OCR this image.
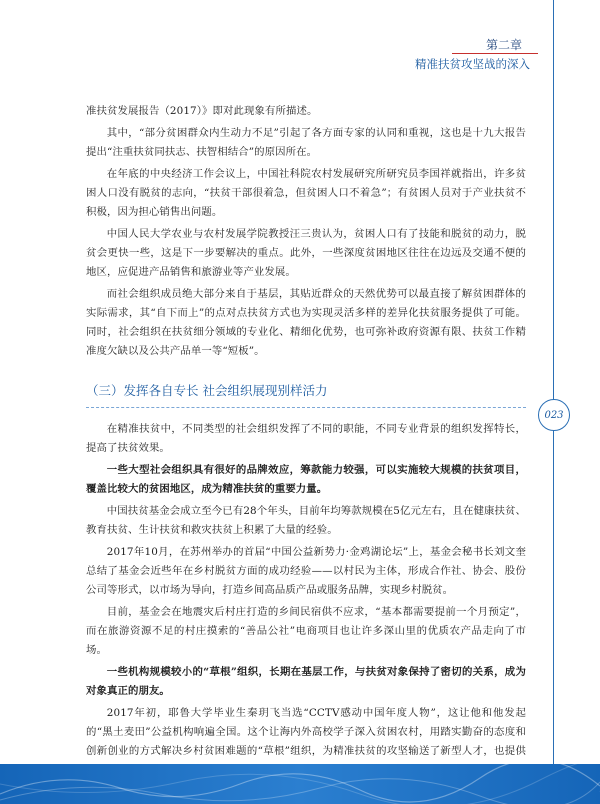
第二章
精准扶贫攻坚战的深入
023

准扶贫发展报告（2017）》即对此现象有所描述。

其中，“部分贫困群众内生动力不足”引起了各方面专家的认同和重视，这也是十九大报告提出“注重扶贫同扶志、扶智相结合”的原因所在。

在年底的中央经济工作会议上，中国社科院农村发展研究所研究员李国祥就指出，许多贫困人口没有脱贫的志向，“扶贫干部很着急，但贫困人口不着急”；有贫困人员对于产业扶贫不积极，因为担心销售出问题。

中国人民大学农业与农村发展学院教授汪三贵认为，贫困人口有了技能和脱贫的动力，脱贫会更快一些，这是下一步要解决的重点。此外，一些深度贫困地区往往在边远及交通不便的地区，应促进产品销售和旅游业等产业发展。

而社会组织成员绝大部分来自于基层，其贴近群众的天然优势可以最直接了解贫困群体的实际需求，其“自下而上”的点对点扶贫方式也为实现灵活多样的差异化扶贫服务提供了可能。同时，社会组织在扶贫细分领域的专业化、精细化优势，也可弥补政府资源有限、扶贫工作精准度欠缺以及公共产品单一等“短板”。

（三）发挥各自专长 社会组织展现别样活力

在精准扶贫中，不同类型的社会组织发挥了不同的职能，不同专业背景的组织发挥特长，提高了扶贫效果。

一些大型社会组织具有很好的品牌效应，筹款能力较强，可以实施较大规模的扶贫项目，覆盖比较大的贫困地区，成为精准扶贫的重要力量。

中国扶贫基金会成立至今已有28个年头，目前年均筹款规模在5亿元左右，且在健康扶贫、教育扶贫、生计扶贫和救灾扶贫上积累了大量的经验。

2017年10月，在苏州举办的首届“中国公益新势力·金鸡湖论坛”上，基金会秘书长刘文奎总结了基金会近些年在乡村脱贫方面的成功经验——以村民为主体，形成合作社、协会、股份公司等形式，以市场为导向，打造乡间高品质产品或服务品牌，实现乡村脱贫。

目前，基金会在地震灾后村庄打造的乡间民宿供不应求，“基本都需要提前一个月预定”，而在旅游资源不足的村庄摸索的“善品公社”电商项目也让许多深山里的优质农产品走向了市场。

一些机构规模较小的“草根”组织，长期在基层工作，与扶贫对象保持了密切的关系，成为对象真正的朋友。

2017年初，耶鲁大学毕业生秦玥飞当选“CCTV感动中国年度人物”，这让他和他发起的“黑土麦田”公益机构响遍全国。这个让海内外高校学子深入贫困农村，用踏实勤奋的态度和创新创业的方式解决乡村贫困难题的“草根”组织，为精准扶贫的攻坚输送了新型人才，也提供
